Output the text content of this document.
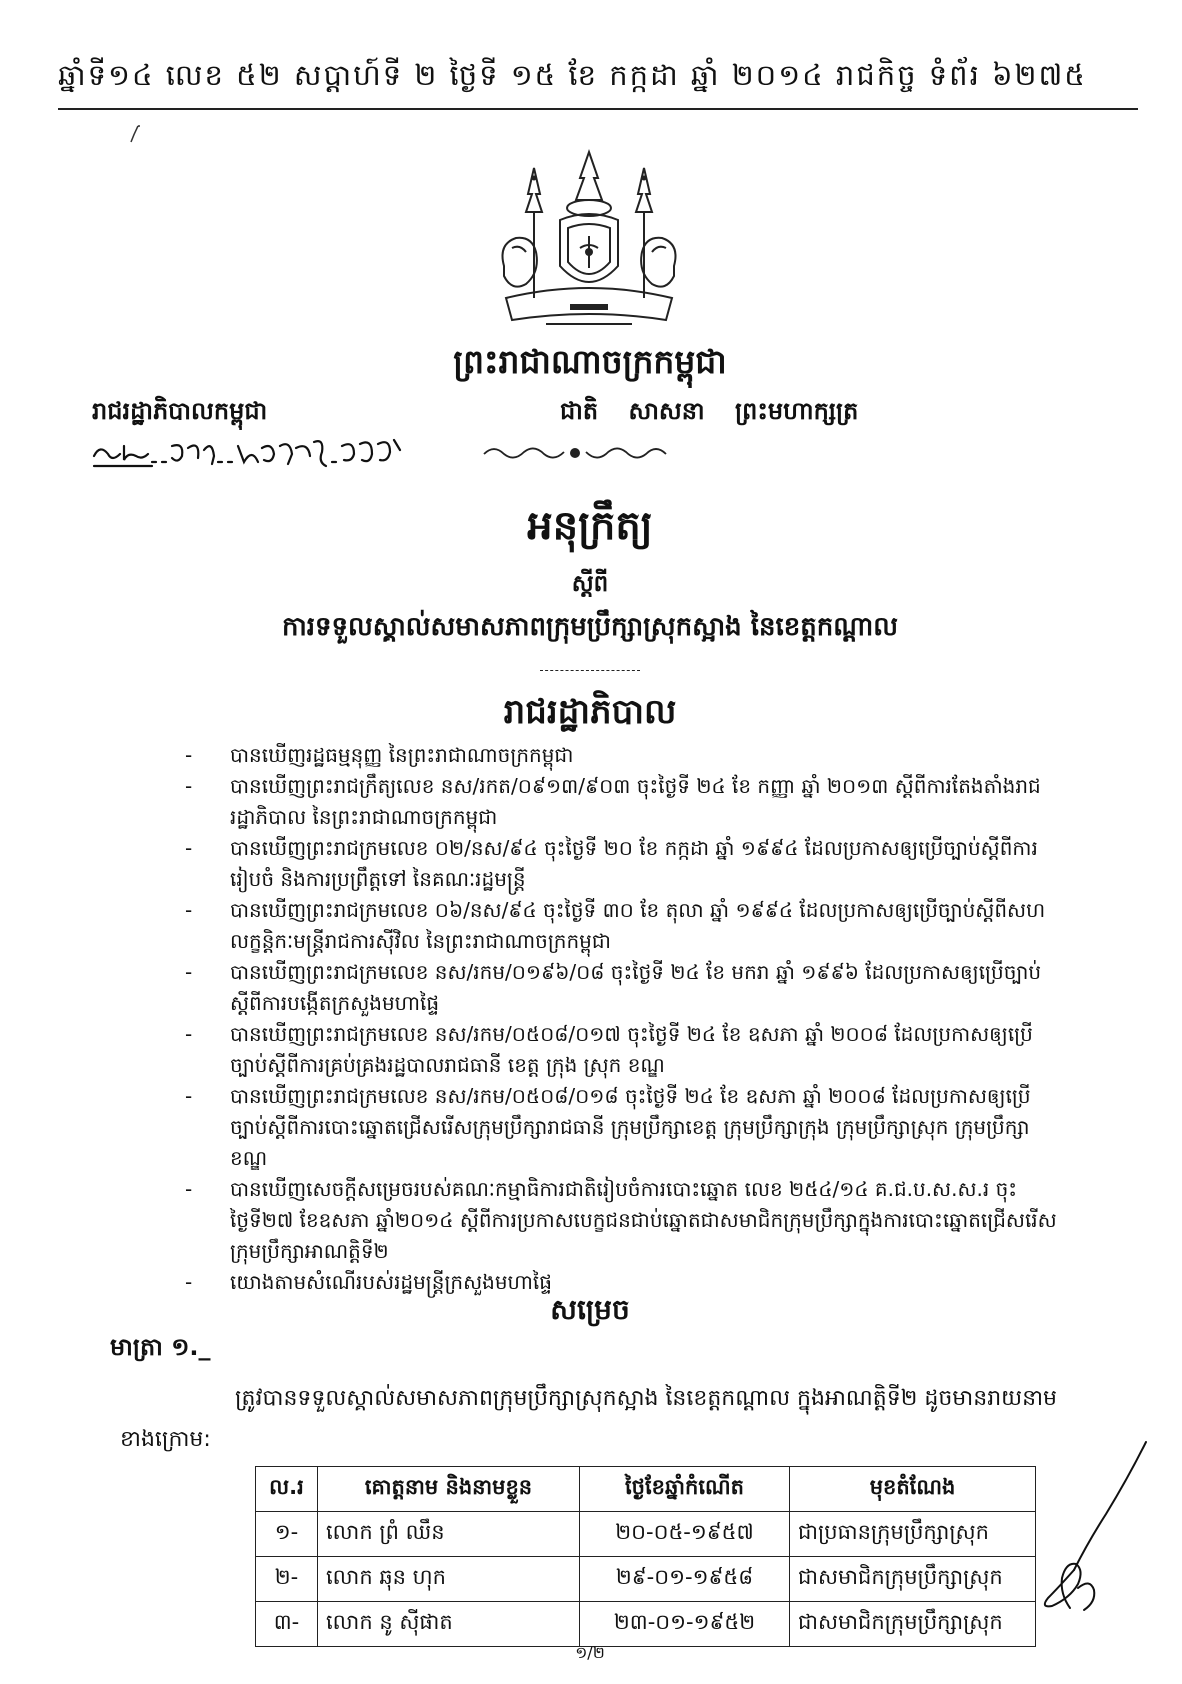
ឆ្នាំទី១៤ លេខ ៥២ សប្តាហ៍ទី ២ ថ្ងៃទី ១៥ ខែ កក្កដា ឆ្នាំ ២០១៤ រាជកិច្ច ទំព័រ ៦២៧៥
ព្រះរាជាណាចក្រកម្ពុជា
រាជរដ្ឋាភិបាលកម្ពុជា	ជាតិ សាសនា ព្រះមហាក្សត្រ
អនុក្រឹត្យ
ស្តីពី
ការទទួលស្គាល់សមាសភាពក្រុមប្រឹក្សាស្រុកស្អាង នៃខេត្តកណ្តាល
រាជរដ្ឋាភិបាល
- បានឃើញរដ្ឋធម្មនុញ្ញ នៃព្រះរាជាណាចក្រកម្ពុជា
- បានឃើញព្រះរាជក្រឹត្យលេខ នស/រកត/០៩១៣/៩០៣ ចុះថ្ងៃទី ២៤ ខែ កញ្ញា ឆ្នាំ ២០១៣ ស្តីពីការតែងតាំងរាជរដ្ឋាភិបាល នៃព្រះរាជាណាចក្រកម្ពុជា
- បានឃើញព្រះរាជក្រមលេខ ០២/នស/៩៤ ចុះថ្ងៃទី ២០ ខែ កក្កដា ឆ្នាំ ១៩៩៤ ដែលប្រកាសឲ្យប្រើច្បាប់ស្តីពីការរៀបចំ និងការប្រព្រឹត្តទៅ នៃគណៈរដ្ឋមន្ត្រី
- បានឃើញព្រះរាជក្រមលេខ ០៦/នស/៩៤ ចុះថ្ងៃទី ៣០ ខែ តុលា ឆ្នាំ ១៩៩៤ ដែលប្រកាសឲ្យប្រើច្បាប់ស្តីពីសហលក្ខន្តិកៈមន្ត្រីរាជការស៊ីវិល នៃព្រះរាជាណាចក្រកម្ពុជា
- បានឃើញព្រះរាជក្រមលេខ នស/រកម/០១៩៦/០៨ ចុះថ្ងៃទី ២៤ ខែ មករា ឆ្នាំ ១៩៩៦ ដែលប្រកាសឲ្យប្រើច្បាប់ស្តីពីការបង្កើតក្រសួងមហាផ្ទៃ
- បានឃើញព្រះរាជក្រមលេខ នស/រកម/០៥០៨/០១៧ ចុះថ្ងៃទី ២៤ ខែ ឧសភា ឆ្នាំ ២០០៨ ដែលប្រកាសឲ្យប្រើច្បាប់ស្តីពីការគ្រប់គ្រងរដ្ឋបាលរាជធានី ខេត្ត ក្រុង ស្រុក ខណ្ឌ
- បានឃើញព្រះរាជក្រមលេខ នស/រកម/០៥០៨/០១៨ ចុះថ្ងៃទី ២៤ ខែ ឧសភា ឆ្នាំ ២០០៨ ដែលប្រកាសឲ្យប្រើច្បាប់ស្តីពីការបោះឆ្នោតជ្រើសរើសក្រុមប្រឹក្សារាជធានី ក្រុមប្រឹក្សាខេត្ត ក្រុមប្រឹក្សាក្រុង ក្រុមប្រឹក្សាស្រុក ក្រុមប្រឹក្សាខណ្ឌ
- បានឃើញសេចក្តីសម្រេចរបស់គណៈកម្មាធិការជាតិរៀបចំការបោះឆ្នោត លេខ ២៥៤/១៤ គ.ជ.ប.ស.ស.រ ចុះថ្ងៃទី២៧ ខែឧសភា ឆ្នាំ២០១៤ ស្តីពីការប្រកាសបេក្ខជនជាប់ឆ្នោតជាសមាជិកក្រុមប្រឹក្សាក្នុងការបោះឆ្នោតជ្រើសរើសក្រុមប្រឹក្សាអាណត្តិទី២
- យោងតាមសំណើរបស់រដ្ឋមន្ត្រីក្រសួងមហាផ្ទៃ
សម្រេច
មាត្រា ១._
ត្រូវបានទទួលស្គាល់សមាសភាពក្រុមប្រឹក្សាស្រុកស្អាង នៃខេត្តកណ្តាល ក្នុងអាណត្តិទី២ ដូចមានរាយនាមខាងក្រោម:
ល.រ	គោត្តនាម និងនាមខ្លួន	ថ្ងៃខែឆ្នាំកំណើត	មុខតំណែង
១-	លោក ព្រំ ឈឹន	២០-០៥-១៩៥៧	ជាប្រធានក្រុមប្រឹក្សាស្រុក
២-	លោក ឆុន ហុក	២៩-០១-១៩៥៨	ជាសមាជិកក្រុមប្រឹក្សាស្រុក
៣-	លោក នូ ស៊ីផាត	២៣-០១-១៩៥២	ជាសមាជិកក្រុមប្រឹក្សាស្រុក
១/២
